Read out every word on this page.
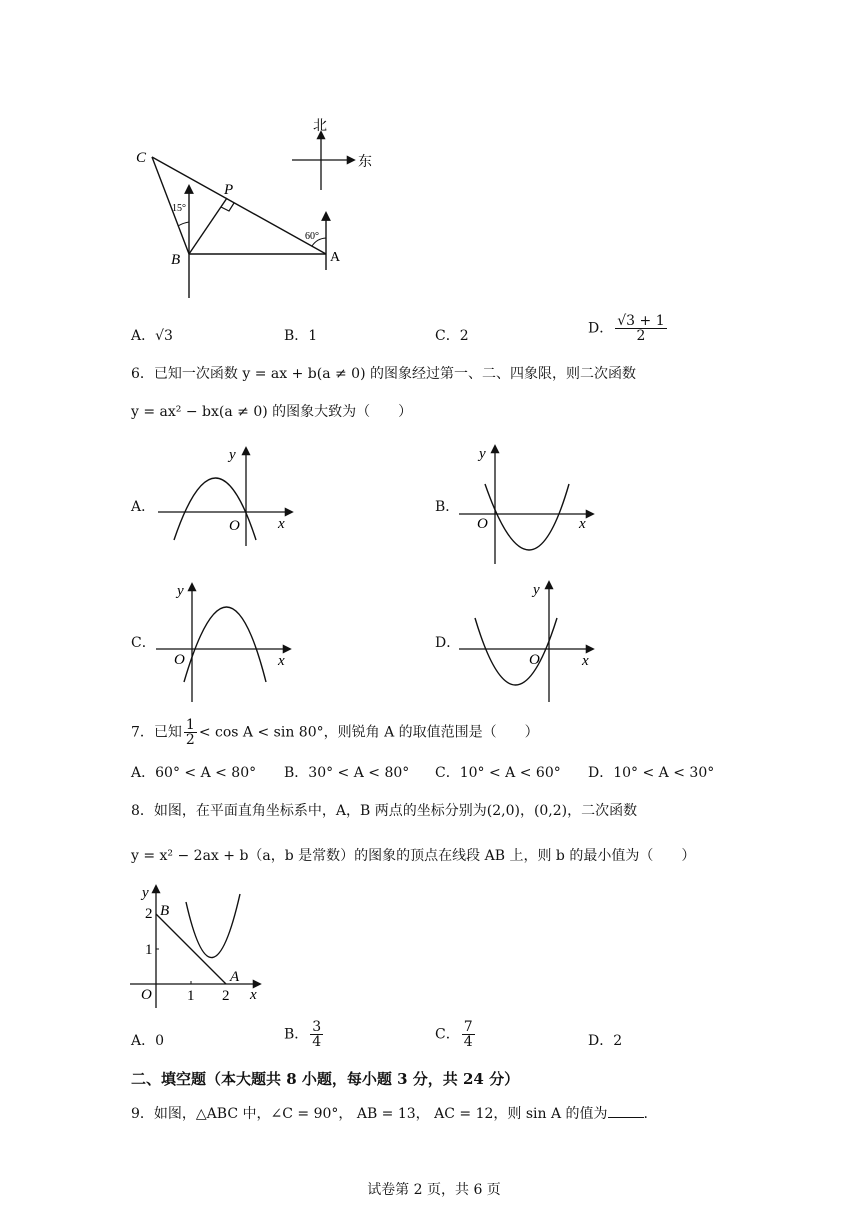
C
P
B	A
15°
60°
北
东
A．√3	B．1	C．2	D． $\frac{√3 + 1}{2}$
6．已知一次函数 y = ax + b(a ≠ 0) 的图象经过第一、二、四象限，则二次函数
y = ax² − bx(a ≠ 0) 的图象大致为（　　）
A．
y
x
O
B．
y
x
O
C．
y
x
O
D．
y
x
O
7．已知 $\frac{1}{2} < \cos A < \sin 80^\circ$，则锐角 A 的取值范围是（　　）
A．60° < A < 80° B．30° < A < 80° C．10° < A < 60° D．10° < A < 30°
8．如图，在平面直角坐标系中，A，B 两点的坐标分别为(2,0)，(0,2)，二次函数
y = x² − 2ax + b（a，b 是常数）的图象的顶点在线段 AB 上，则 b 的最小值为（　　）
y
2 B
1
A
O 1 2 x
A．0	B． $\frac{3}{4}$	C． $\frac{7}{4}$	D．2
二、填空题（本大题共 8 小题，每小题 3 分，共 24 分）
9．如图，△ABC 中，∠C = 90°， AB = 13， AC = 12，则 sin A 的值为	.
试卷第 2 页，共 6 页
